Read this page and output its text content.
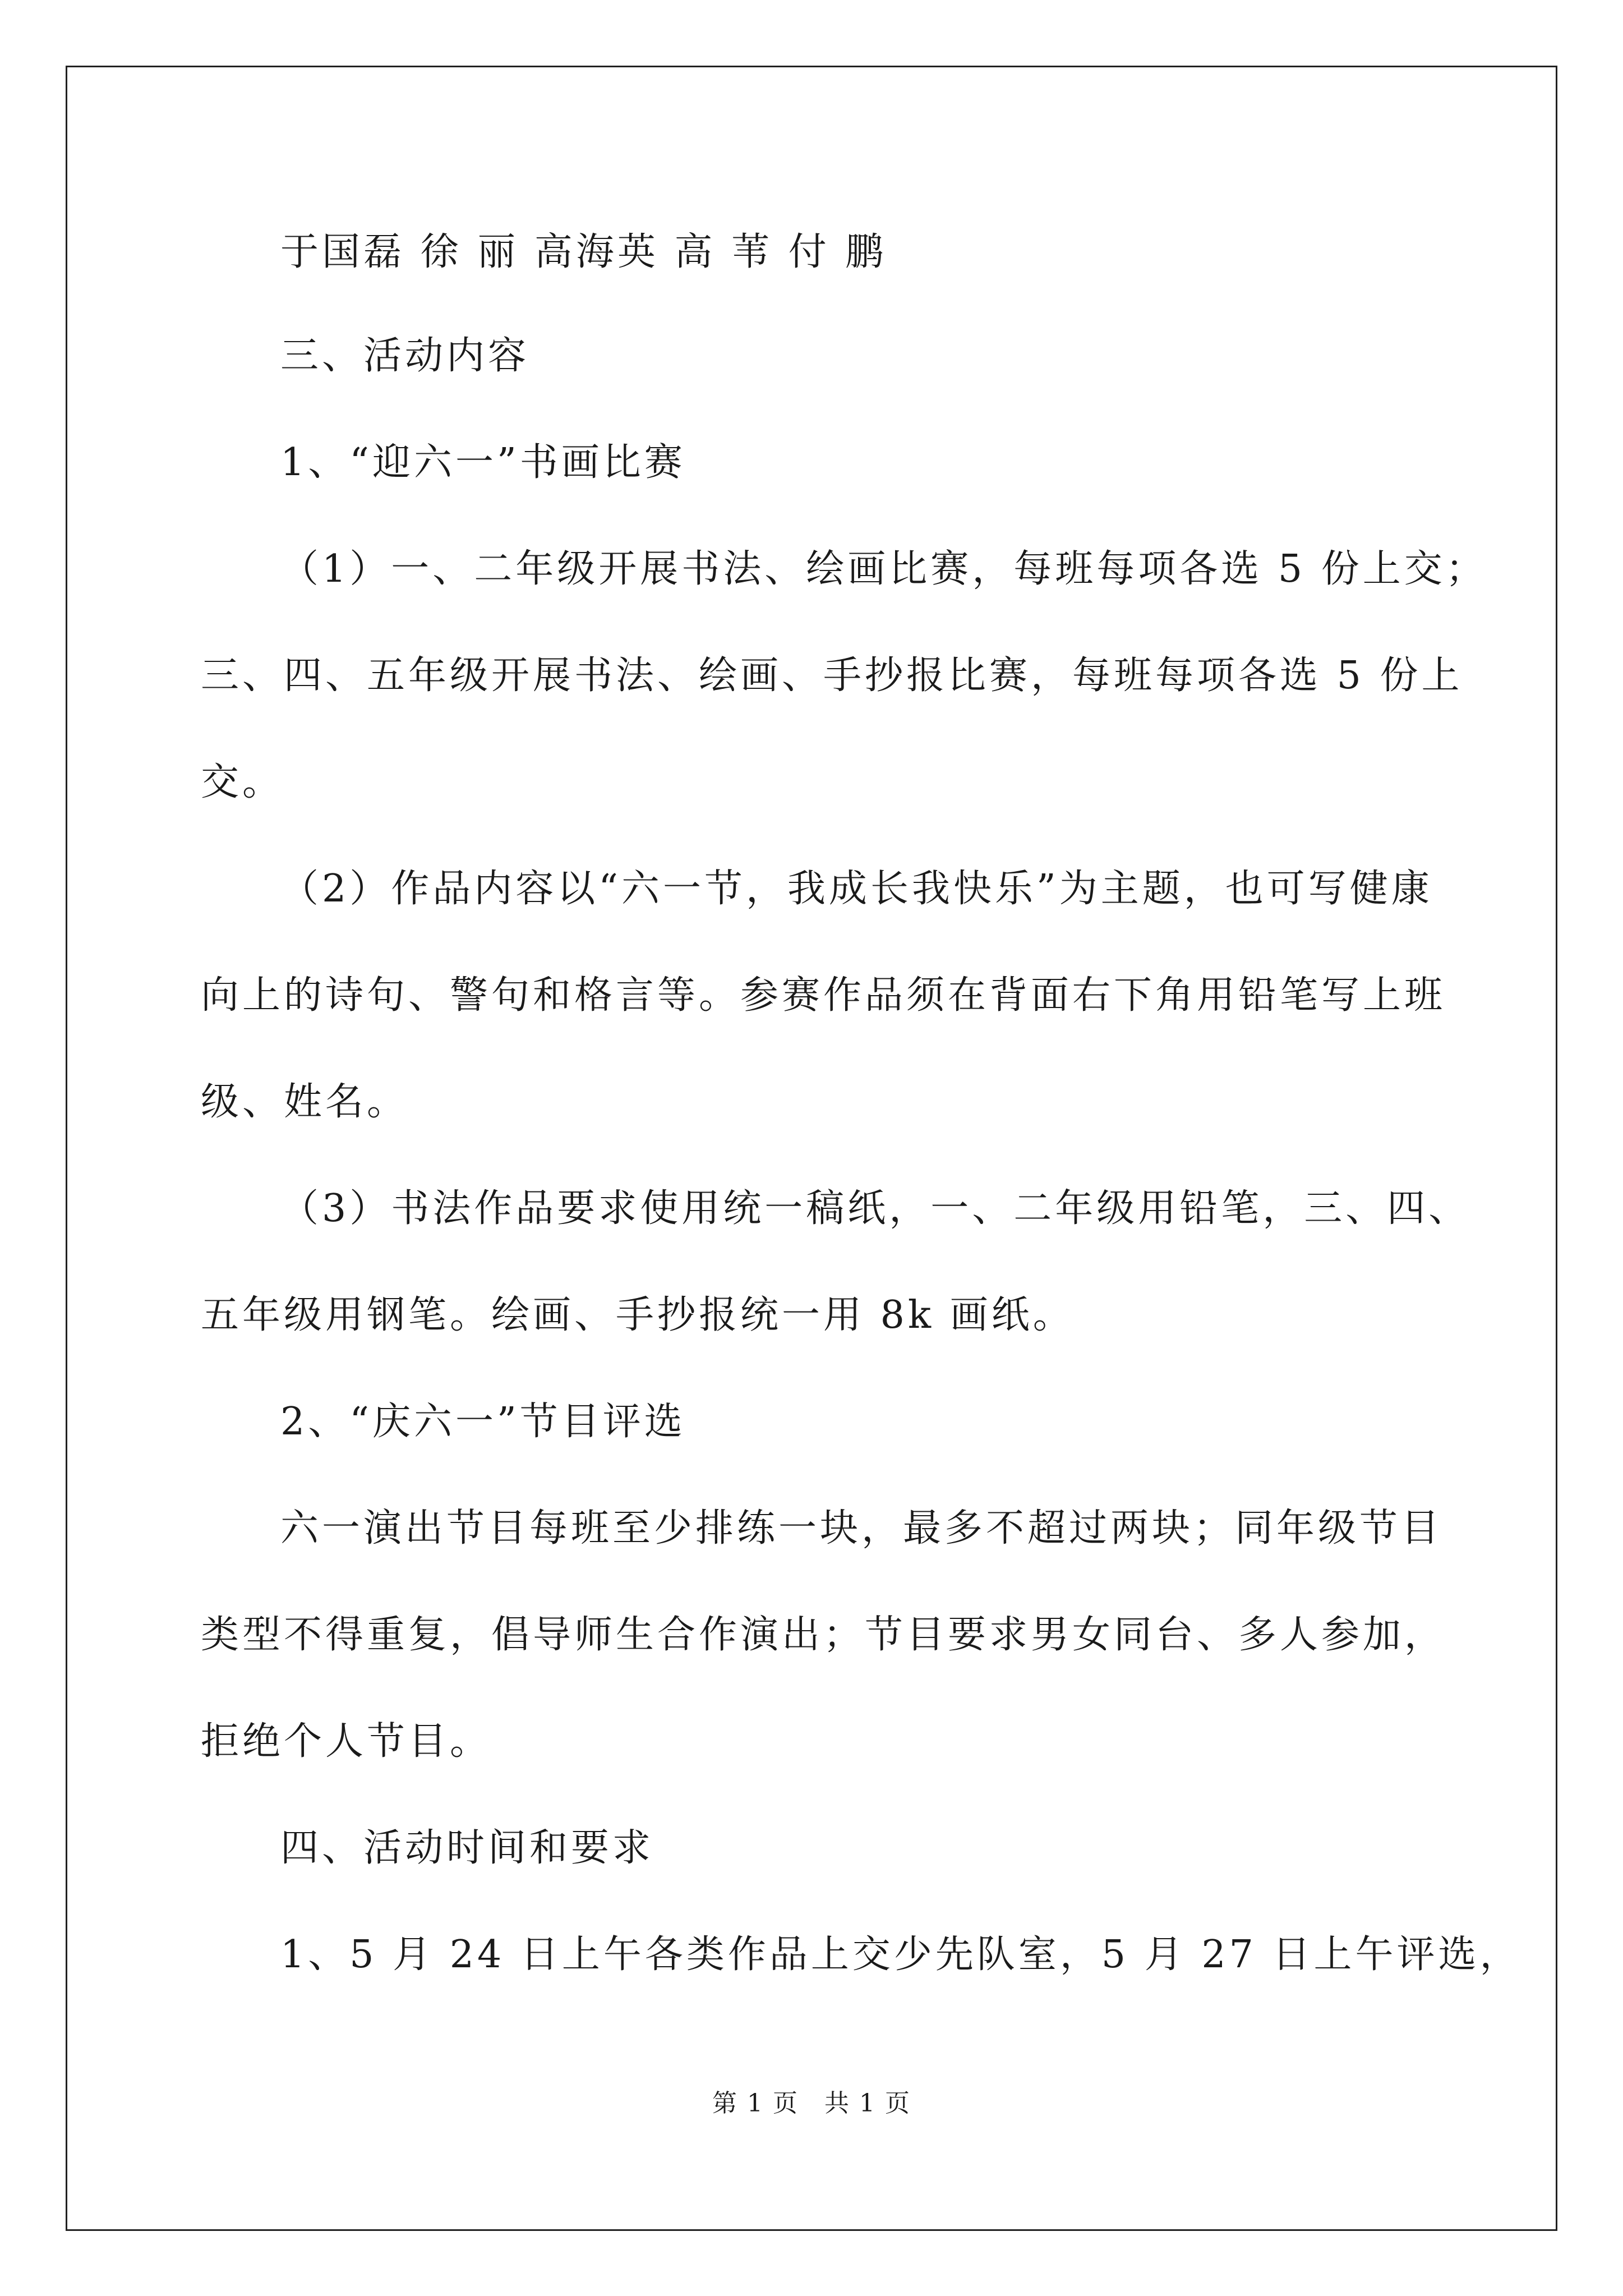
于国磊 徐 丽 高海英 高 苇 付 鹏
三、活动内容
1、“迎六一”书画比赛
（1）一、二年级开展书法、绘画比赛，每班每项各选 5 份上交；
三、四、五年级开展书法、绘画、手抄报比赛，每班每项各选 5 份上
交。
（2）作品内容以“六一节，我成长我快乐”为主题，也可写健康
向上的诗句、警句和格言等。参赛作品须在背面右下角用铅笔写上班
级、姓名。
（3）书法作品要求使用统一稿纸，一、二年级用铅笔，三、四、
五年级用钢笔。绘画、手抄报统一用 8k 画纸。
2、“庆六一”节目评选
六一演出节目每班至少排练一块，最多不超过两块；同年级节目
类型不得重复，倡导师生合作演出；节目要求男女同台、多人参加，
拒绝个人节目。
四、活动时间和要求
1、5 月 24 日上午各类作品上交少先队室，5 月 27 日上午评选，
第 1 页　共 1 页
